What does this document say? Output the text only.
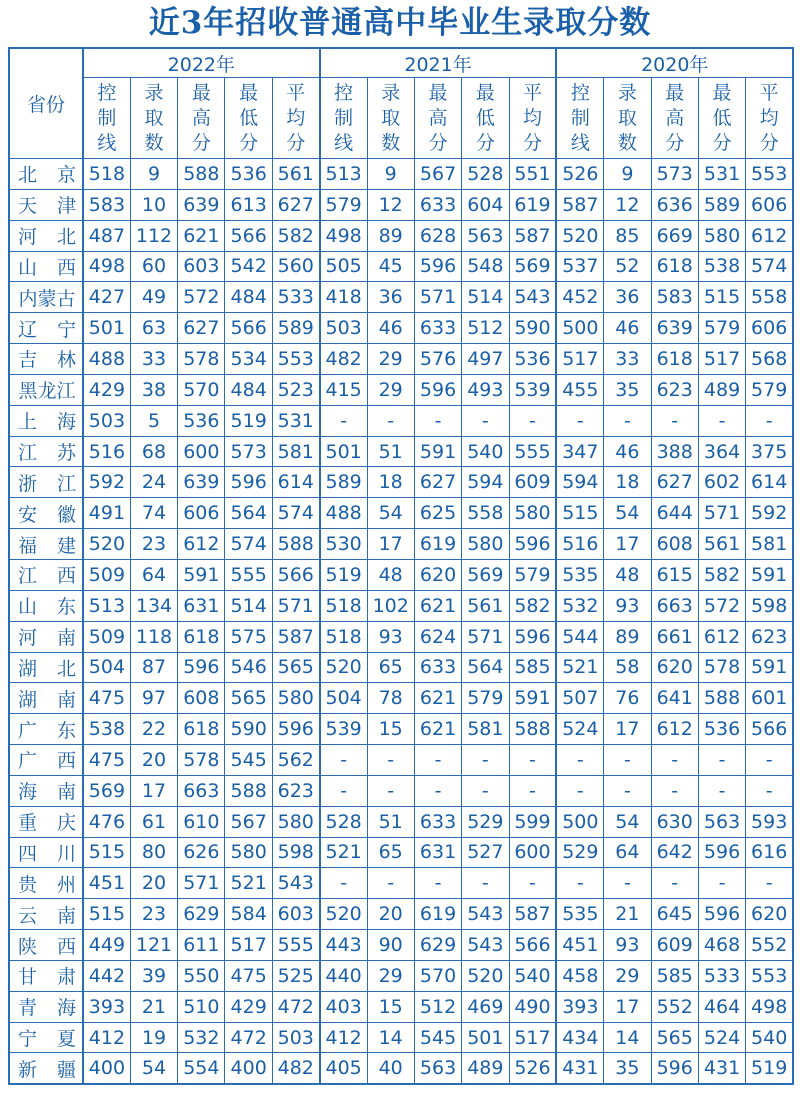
近3年招收普通高中毕业生录取分数
省份	2022年					2021年					2020年				

	控
制
线	录
取
数	最
高
分	最
低
分	平
均
分	控
制
线	录
取
数	最
高
分	最
低
分	平
均
分	控
制
线	录
取
数	最
高
分	最
低
分	平
均
分

北 京	518	9	588	536	561	513	9	567	528	551	526	9	573	531	553

天 津	583	10	639	613	627	579	12	633	604	619	587	12	636	589	606

河 北	487	112	621	566	582	498	89	628	563	587	520	85	669	580	612

山 西	498	60	603	542	560	505	45	596	548	569	537	52	618	538	574

内蒙古	427	49	572	484	533	418	36	571	514	543	452	36	583	515	558

辽 宁	501	63	627	566	589	503	46	633	512	590	500	46	639	579	606

吉 林	488	33	578	534	553	482	29	576	497	536	517	33	618	517	568

黑龙江	429	38	570	484	523	415	29	596	493	539	455	35	623	489	579

上 海	503	5	536	519	531	-	-	-	-	-	-	-	-	-	-

江 苏	516	68	600	573	581	501	51	591	540	555	347	46	388	364	375

浙 江	592	24	639	596	614	589	18	627	594	609	594	18	627	602	614

安 徽	491	74	606	564	574	488	54	625	558	580	515	54	644	571	592

福 建	520	23	612	574	588	530	17	619	580	596	516	17	608	561	581

江 西	509	64	591	555	566	519	48	620	569	579	535	48	615	582	591

山 东	513	134	631	514	571	518	102	621	561	582	532	93	663	572	598

河 南	509	118	618	575	587	518	93	624	571	596	544	89	661	612	623

湖 北	504	87	596	546	565	520	65	633	564	585	521	58	620	578	591

湖 南	475	97	608	565	580	504	78	621	579	591	507	76	641	588	601

广 东	538	22	618	590	596	539	15	621	581	588	524	17	612	536	566

广 西	475	20	578	545	562	-	-	-	-	-	-	-	-	-	-

海 南	569	17	663	588	623	-	-	-	-	-	-	-	-	-	-

重 庆	476	61	610	567	580	528	51	633	529	599	500	54	630	563	593

四 川	515	80	626	580	598	521	65	631	527	600	529	64	642	596	616

贵 州	451	20	571	521	543	-	-	-	-	-	-	-	-	-	-

云 南	515	23	629	584	603	520	20	619	543	587	535	21	645	596	620

陕 西	449	121	611	517	555	443	90	629	543	566	451	93	609	468	552

甘 肃	442	39	550	475	525	440	29	570	520	540	458	29	585	533	553

青 海	393	21	510	429	472	403	15	512	469	490	393	17	552	464	498

宁 夏	412	19	532	472	503	412	14	545	501	517	434	14	565	524	540

新 疆	400	54	554	400	482	405	40	563	489	526	431	35	596	431	519
